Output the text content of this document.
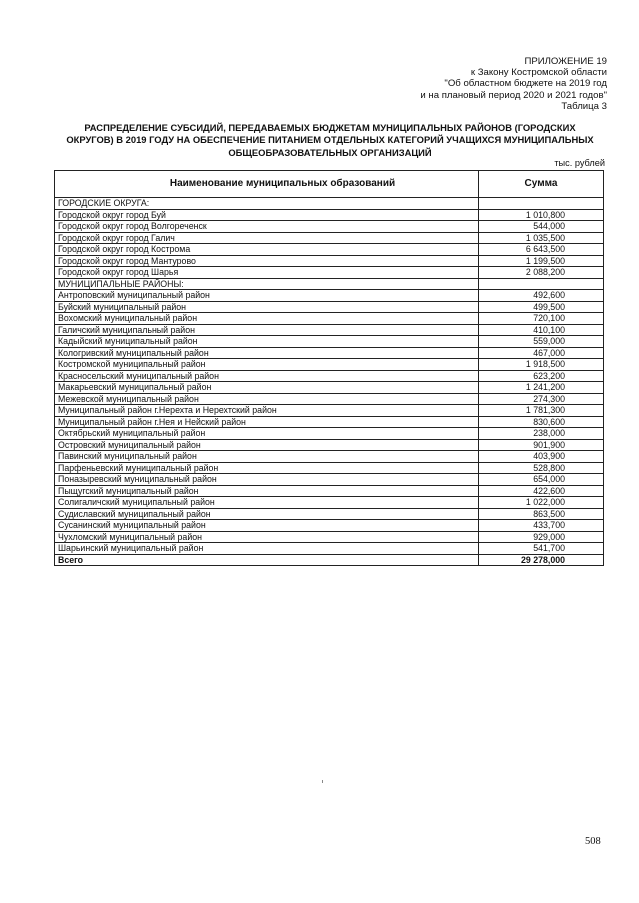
ПРИЛОЖЕНИЕ 19
к Закону Костромской области
"Об областном бюджете на 2019 год
и на плановый период 2020 и 2021 годов"
Таблица 3
РАСПРЕДЕЛЕНИЕ СУБСИДИЙ, ПЕРЕДАВАЕМЫХ БЮДЖЕТАМ МУНИЦИПАЛЬНЫХ РАЙОНОВ (ГОРОДСКИХ
ОКРУГОВ) В 2019 ГОДУ НА ОБЕСПЕЧЕНИЕ ПИТАНИЕМ ОТДЕЛЬНЫХ КАТЕГОРИЙ УЧАЩИХСЯ МУНИЦИПАЛЬНЫХ
ОБЩЕОБРАЗОВАТЕЛЬНЫХ ОРГАНИЗАЦИЙ
тыс. рублей
Наименование муниципальных образований	Сумма
ГОРОДСКИЕ ОКРУГА:	
Городской округ город Буй	1 010,800
Городской округ город Волгореченск	544,000
Городской округ город Галич	1 035,500
Городской округ город Кострома	6 643,500
Городской округ город Мантурово	1 199,500
Городской округ город Шарья	2 088,200
МУНИЦИПАЛЬНЫЕ РАЙОНЫ:	
Антроповский муниципальный район	492,600
Буйский муниципальный район	499,500
Вохомский муниципальный район	720,100
Галичский муниципальный район	410,100
Кадыйский муниципальный район	559,000
Кологривский муниципальный район	467,000
Костромской муниципальный район	1 918,500
Красносельский муниципальный район	623,200
Макарьевский муниципальный район	1 241,200
Межевской муниципальный район	274,300
Муниципальный район г.Нерехта и Нерехтский район	1 781,300
Муниципальный район г.Нея и Нейский район	830,600
Октябрьский муниципальный район	238,000
Островский муниципальный район	901,900
Павинский муниципальный район	403,900
Парфеньевский муниципальный район	528,800
Поназыревский муниципальный район	654,000
Пыщугский муниципальный район	422,600
Солигаличский муниципальный район	1 022,000
Судиславский муниципальный район	863,500
Сусанинский муниципальный район	433,700
Чухломский муниципальный район	929,000
Шарьинский муниципальный район	541,700
Всего	29 278,000
508
